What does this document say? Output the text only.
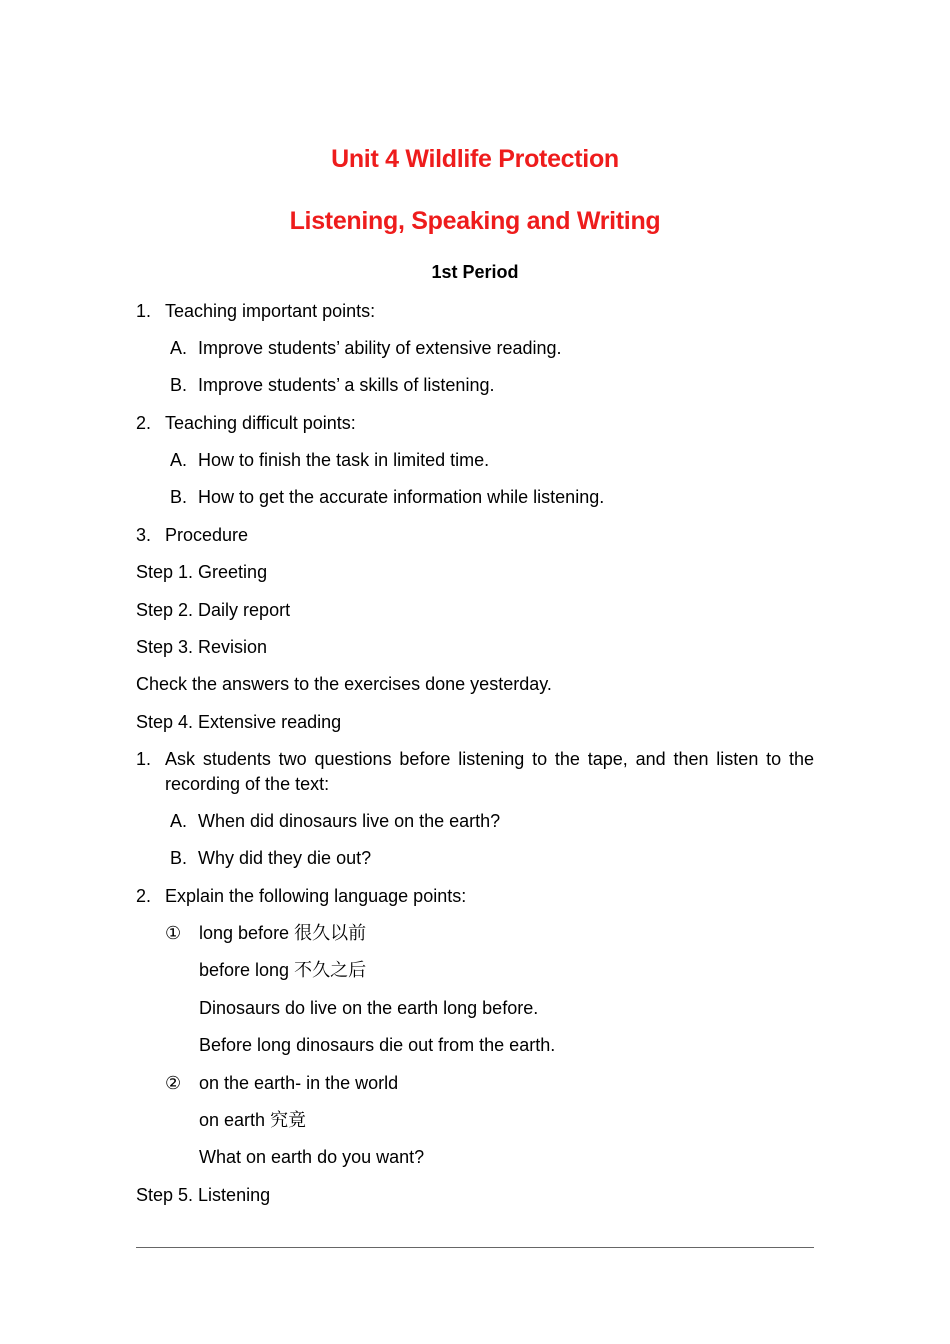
Unit 4 Wildlife Protection
Listening, Speaking and Writing
1st Period
1. Teaching important points:
A. Improve students’ ability of extensive reading.
B. Improve students’ a skills of listening.
2. Teaching difficult points:
A. How to finish the task in limited time.
B. How to get the accurate information while listening.
3. Procedure
Step 1. Greeting
Step 2. Daily report
Step 3. Revision
Check the answers to the exercises done yesterday.
Step 4. Extensive reading
1. Ask students two questions before listening to the tape, and then listen to the recording of the text:
A. When did dinosaurs live on the earth?
B. Why did they die out?
2. Explain the following language points:
① long before 很久以前
before long 不久之后
Dinosaurs do live on the earth long before.
Before long dinosaurs die out from the earth.
② on the earth- in the world
on earth 究竟
What on earth do you want?
Step 5. Listening
